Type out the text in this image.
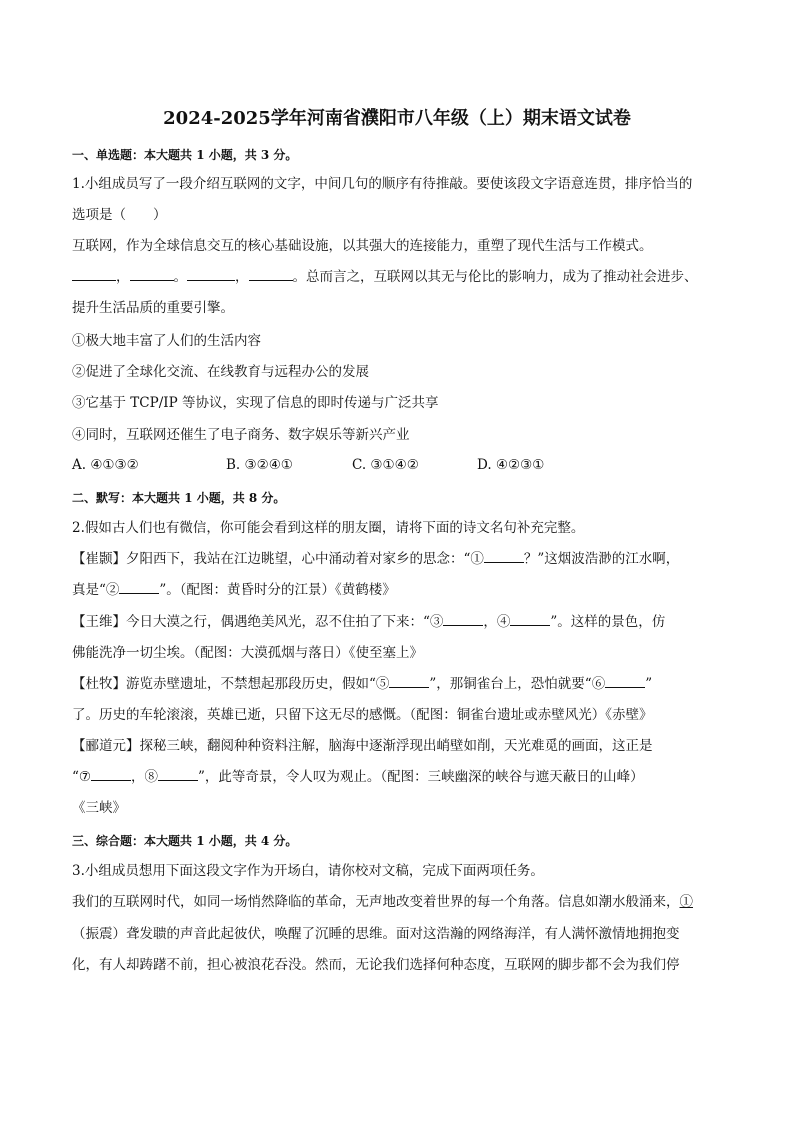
2024-2025学年河南省濮阳市八年级（上）期末语文试卷
一、单选题：本大题共 1 小题，共 3 分。
1.小组成员写了一段介绍互联网的文字，中间几句的顺序有待推敲。要使该段文字语意连贯，排序恰当的
选项是（　　）
互联网，作为全球信息交互的核心基础设施，以其强大的连接能力，重塑了现代生活与工作模式。
，	。	，	。总而言之，互联网以其无与伦比的影响力，成为了推动社会进步、
提升生活品质的重要引擎。
①极大地丰富了人们的生活内容
②促进了全球化交流、在线教育与远程办公的发展
③它基于 TCP/IP 等协议，实现了信息的即时传递与广泛共享
④同时，互联网还催生了电子商务、数字娱乐等新兴产业
A. ④①③②	B. ③②④①	C. ③①④②	D. ④②③①
二、默写：本大题共 1 小题，共 8 分。
2.假如古人们也有微信，你可能会看到这样的朋友圈，请将下面的诗文名句补充完整。
【崔颢】夕阳西下，我站在江边眺望，心中涌动着对家乡的思念：“①	？”这烟波浩渺的江水啊，
真是“②	”。（配图：黄昏时分的江景）《黄鹤楼》
【王维】今日大漠之行，偶遇绝美风光，忍不住拍了下来：“③	，④	”。这样的景色，仿
佛能洗净一切尘埃。（配图：大漠孤烟与落日）《使至塞上》
【杜牧】游览赤壁遗址，不禁想起那段历史，假如“⑤	”，那铜雀台上，恐怕就要“⑥	”
了。历史的车轮滚滚，英雄已逝，只留下这无尽的感慨。（配图：铜雀台遗址或赤壁风光）《赤壁》
【郦道元】探秘三峡，翻阅种种资料注解，脑海中逐渐浮现出峭壁如削，天光难觅的画面，这正是
“⑦	，⑧	”，此等奇景，令人叹为观止。（配图：三峡幽深的峡谷与遮天蔽日的山峰）
《三峡》
三、综合题：本大题共 1 小题，共 4 分。
3.小组成员想用下面这段文字作为开场白，请你校对文稿，完成下面两项任务。
我们的互联网时代，如同一场悄然降临的革命，无声地改变着世界的每一个角落。信息如潮水般涌来，①
（振震）聋发聩的声音此起彼伏，唤醒了沉睡的思维。面对这浩瀚的网络海洋，有人满怀激情地拥抱变
化，有人却踌躇不前，担心被浪花吞没。然而，无论我们选择何种态度，互联网的脚步都不会为我们停
